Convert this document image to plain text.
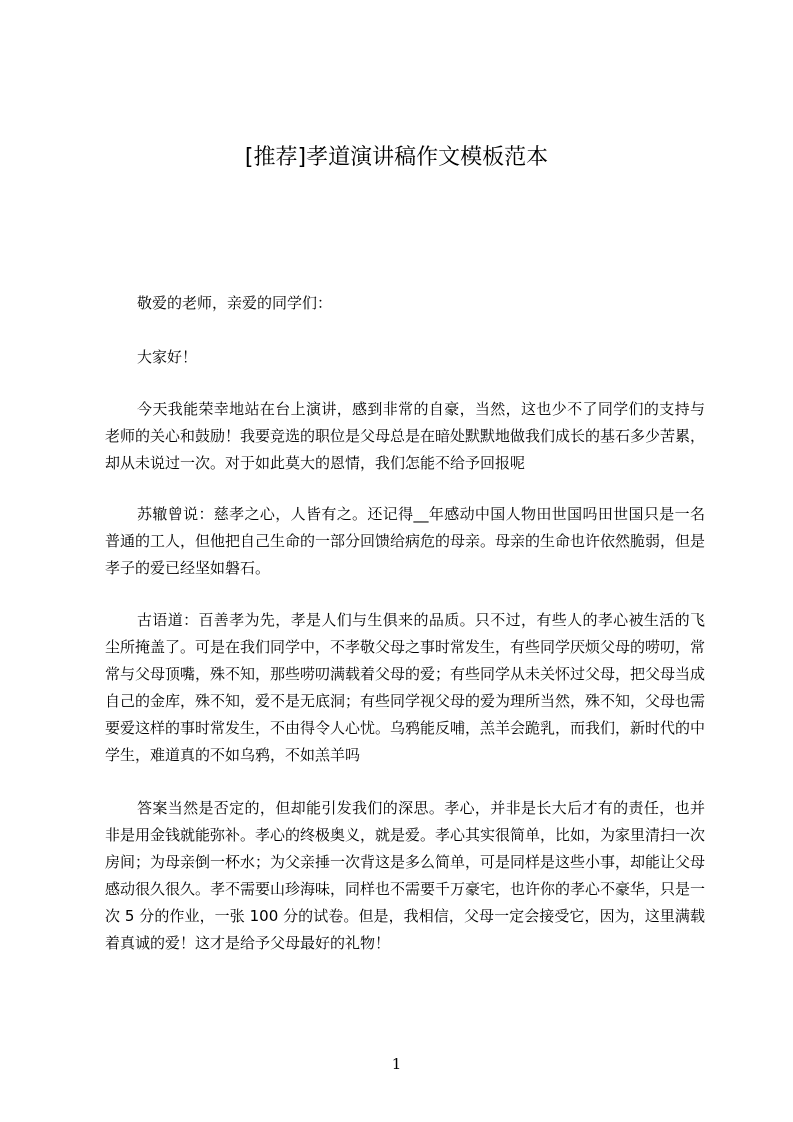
[推荐]孝道演讲稿作文模板范本
敬爱的老师，亲爱的同学们：
大家好！

今天我能荣幸地站在台上演讲，感到非常的自豪，当然，这也少不了同学们的支持与老师的关心和鼓励！我要竞选的职位是父母总是在暗处默默地做我们成长的基石多少苦累，却从未说过一次。对于如此莫大的恩情，我们怎能不给予回报呢

苏辙曾说：慈孝之心，人皆有之。还记得__年感动中国人物田世国吗田世国只是一名普通的工人，但他把自己生命的一部分回馈给病危的母亲。母亲的生命也许依然脆弱，但是孝子的爱已经坚如磐石。

古语道：百善孝为先，孝是人们与生俱来的品质。只不过，有些人的孝心被生活的飞尘所掩盖了。可是在我们同学中，不孝敬父母之事时常发生，有些同学厌烦父母的唠叨，常常与父母顶嘴，殊不知，那些唠叨满载着父母的爱；有些同学从未关怀过父母，把父母当成自己的金库，殊不知，爱不是无底洞；有些同学视父母的爱为理所当然，殊不知，父母也需要爱这样的事时常发生，不由得令人心忧。乌鸦能反哺，羔羊会跪乳，而我们，新时代的中学生，难道真的不如乌鸦，不如羔羊吗

答案当然是否定的，但却能引发我们的深思。孝心，并非是长大后才有的责任，也并非是用金钱就能弥补。孝心的终极奥义，就是爱。孝心其实很简单，比如，为家里清扫一次房间；为母亲倒一杯水；为父亲捶一次背这是多么简单，可是同样是这些小事，却能让父母感动很久很久。孝不需要山珍海味，同样也不需要千万豪宅，也许你的孝心不豪华，只是一次 5 分的作业，一张 100 分的试卷。但是，我相信，父母一定会接受它，因为，这里满载着真诚的爱！这才是给予父母最好的礼物！

1
